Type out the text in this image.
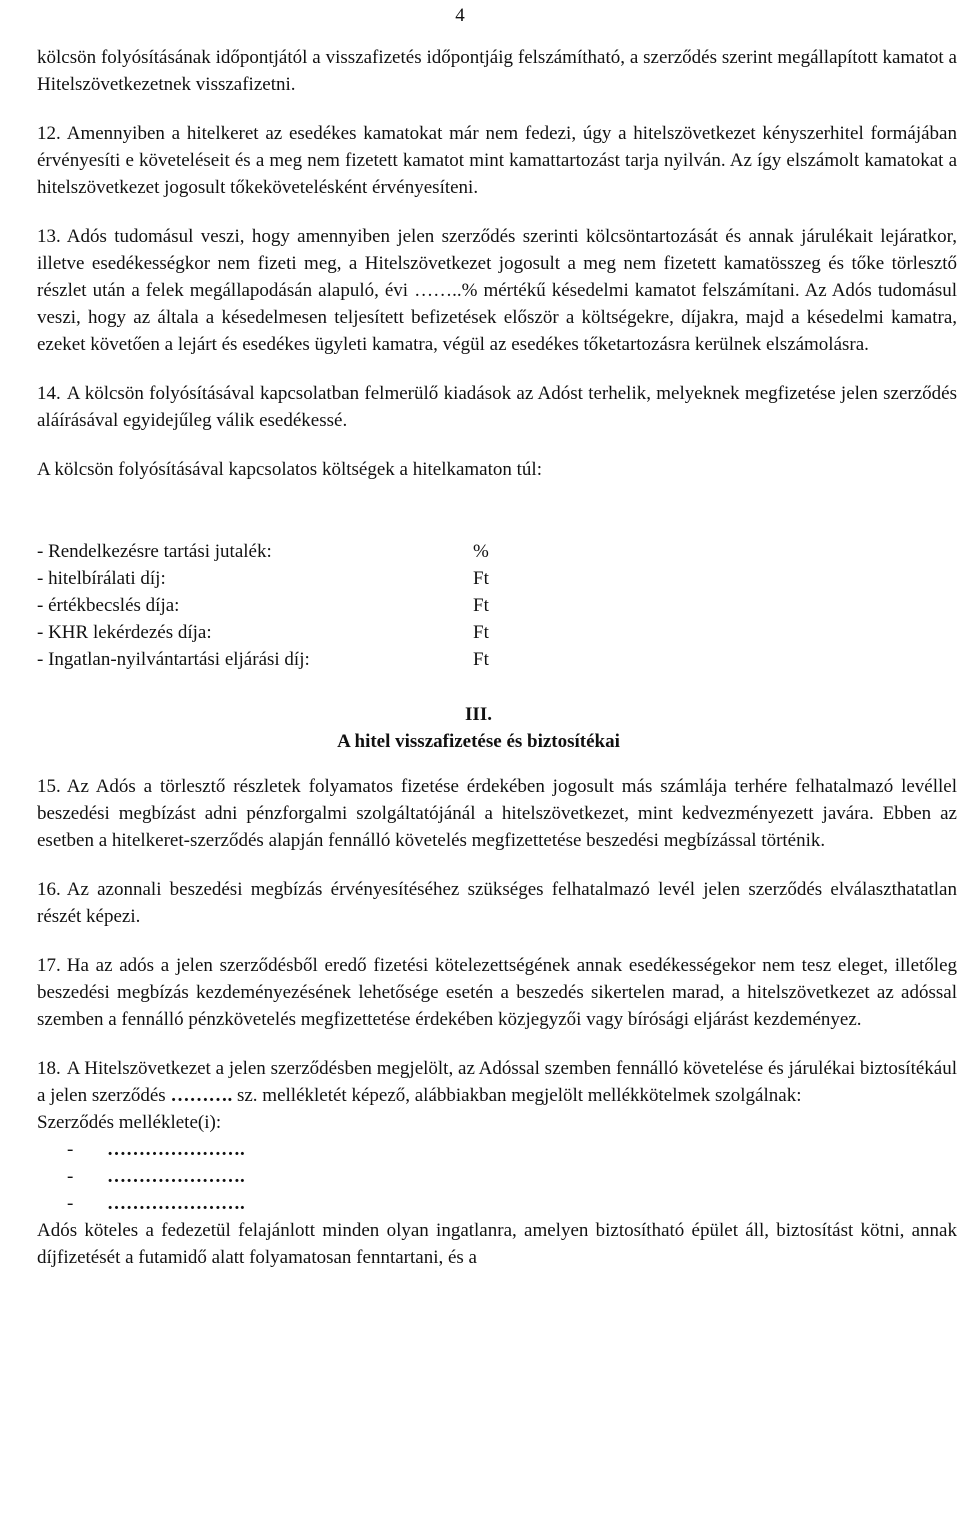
4

kölcsön folyósításának időpontjától a visszafizetés időpontjáig felszámítható, a szerződés szerint megállapított kamatot a Hitelszövetkezetnek visszafizetni.

12. Amennyiben a hitelkeret az esedékes kamatokat már nem fedezi, úgy a hitelszövetkezet kényszerhitel formájában érvényesíti e követeléseit és a meg nem fizetett kamatot mint kamattartozást tarja nyilván. Az így elszámolt kamatokat a hitelszövetkezet jogosult tőkekövetelésként érvényesíteni.

13. Adós tudomásul veszi, hogy amennyiben jelen szerződés szerinti kölcsöntartozását és annak járulékait lejáratkor, illetve esedékességkor nem fizeti meg, a Hitelszövetkezet jogosult a meg nem fizetett kamatösszeg és tőke törlesztő részlet után a felek megállapodásán alapuló, évi ……..% mértékű késedelmi kamatot felszámítani. Az Adós tudomásul veszi, hogy az általa a késedelmesen teljesített befizetések először a költségekre, díjakra, majd a késedelmi kamatra, ezeket követően a lejárt és esedékes ügyleti kamatra, végül az esedékes tőketartozásra kerülnek elszámolásra.

14. A kölcsön folyósításával kapcsolatban felmerülő kiadások az Adóst terhelik, melyeknek megfizetése jelen szerződés aláírásával egyidejűleg válik esedékessé.

A kölcsön folyósításával kapcsolatos költségek a hitelkamaton túl:

- Rendelkezésre tartási jutalék:	%
- hitelbírálati díj:	Ft
- értékbecslés díja:	Ft
- KHR lekérdezés díja:	Ft
- Ingatlan-nyilvántartási eljárási díj:	Ft
III.
A hitel visszafizetése és biztosítékai

15. Az Adós a törlesztő részletek folyamatos fizetése érdekében jogosult más számlája terhére felhatalmazó levéllel beszedési megbízást adni pénzforgalmi szolgáltatójánál a hitelszövetkezet, mint kedvezményezett javára. Ebben az esetben a hitelkeret-szerződés alapján fennálló követelés megfizettetése beszedési megbízással történik.

16. Az azonnali beszedési megbízás érvényesítéséhez szükséges felhatalmazó levél jelen szerződés elválaszthatatlan részét képezi.

17. Ha az adós a jelen szerződésből eredő fizetési kötelezettségének annak esedékességekor nem tesz eleget, illetőleg beszedési megbízás kezdeményezésének lehetősége esetén a beszedés sikertelen marad, a hitelszövetkezet az adóssal szemben a fennálló pénzkövetelés megfizettetése érdekében közjegyzői vagy bírósági eljárást kezdeményez.

18. A Hitelszövetkezet a jelen szerződésben megjelölt, az Adóssal szemben fennálló követelése és járulékai biztosítékául a jelen szerződés ………. sz. mellékletét képező, alábbiakban megjelölt mellékkötelmek szolgálnak:

Szerződés melléklete(i):

- ………………….
- ………………….
- ………………….

Adós köteles a fedezetül felajánlott minden olyan ingatlanra, amelyen biztosítható épület áll, biztosítást kötni, annak díjfizetését a futamidő alatt folyamatosan fenntartani, és a
